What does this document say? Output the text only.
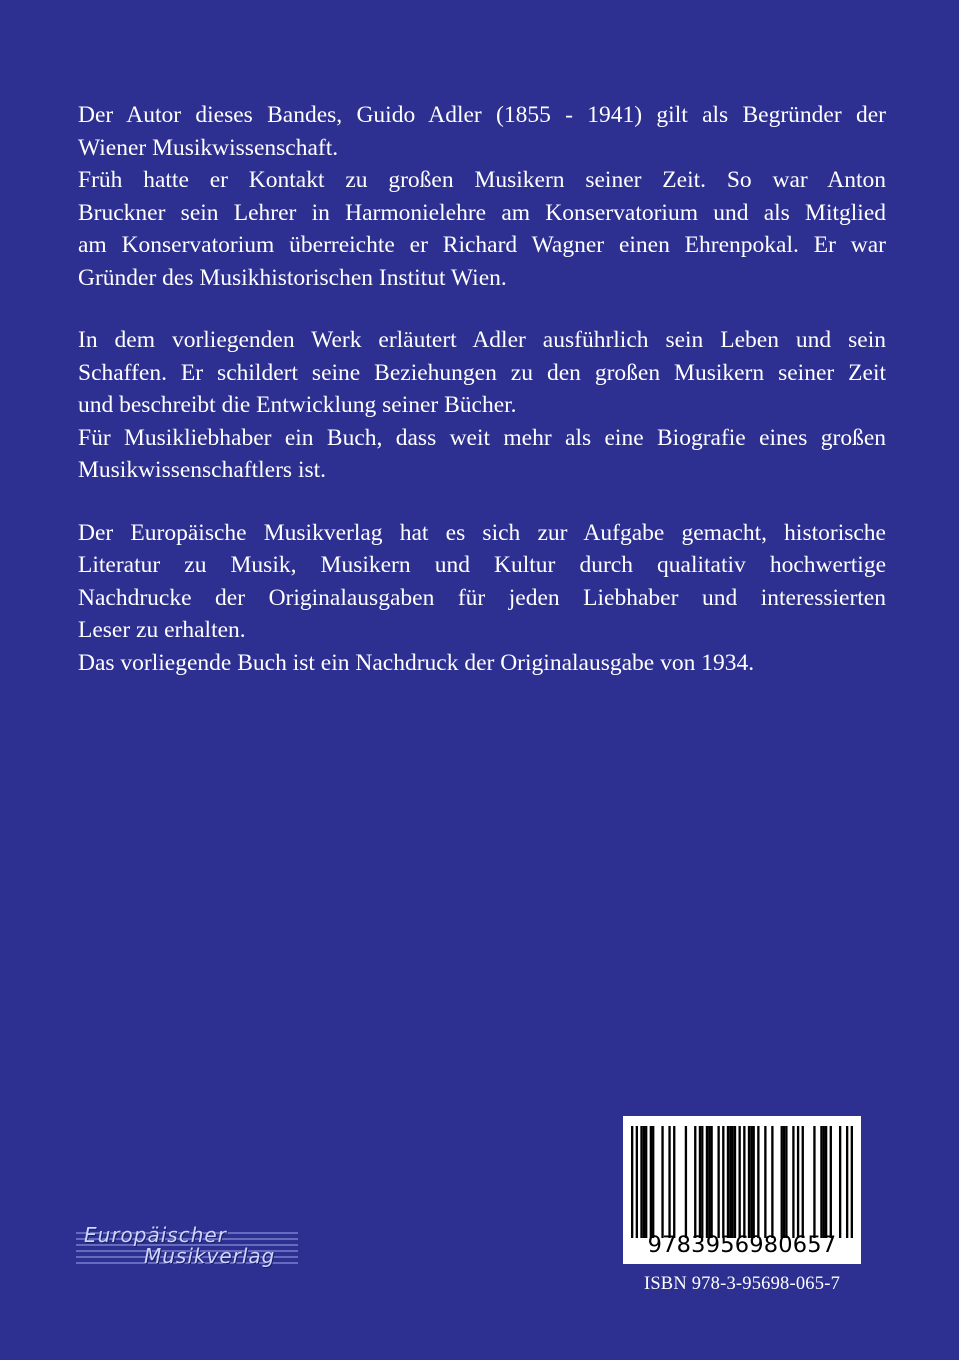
Der Autor dieses Bandes, Guido Adler (1855 - 1941) gilt als Begründer der
Wiener Musikwissenschaft.
Früh hatte er Kontakt zu großen Musikern seiner Zeit. So war Anton
Bruckner sein Lehrer in Harmonielehre am Konservatorium und als Mitglied
am Konservatorium überreichte er Richard Wagner einen Ehrenpokal. Er war
Gründer des Musikhistorischen Institut Wien.
In dem vorliegenden Werk erläutert Adler ausführlich sein Leben und sein
Schaffen. Er schildert seine Beziehungen zu den großen Musikern seiner Zeit
und beschreibt die Entwicklung seiner Bücher.
Für Musikliebhaber ein Buch, dass weit mehr als eine Biografie eines großen
Musikwissenschaftlers ist.
Der Europäische Musikverlag hat es sich zur Aufgabe gemacht, historische
Literatur zu Musik, Musikern und Kultur durch qualitativ hochwertige
Nachdrucke der Originalausgaben für jeden Liebhaber und interessierten
Leser zu erhalten.
Das vorliegende Buch ist ein Nachdruck der Originalausgabe von 1934.
Europäischer
Musikverlag	9783956980657
ISBN 978-3-95698-065-7
